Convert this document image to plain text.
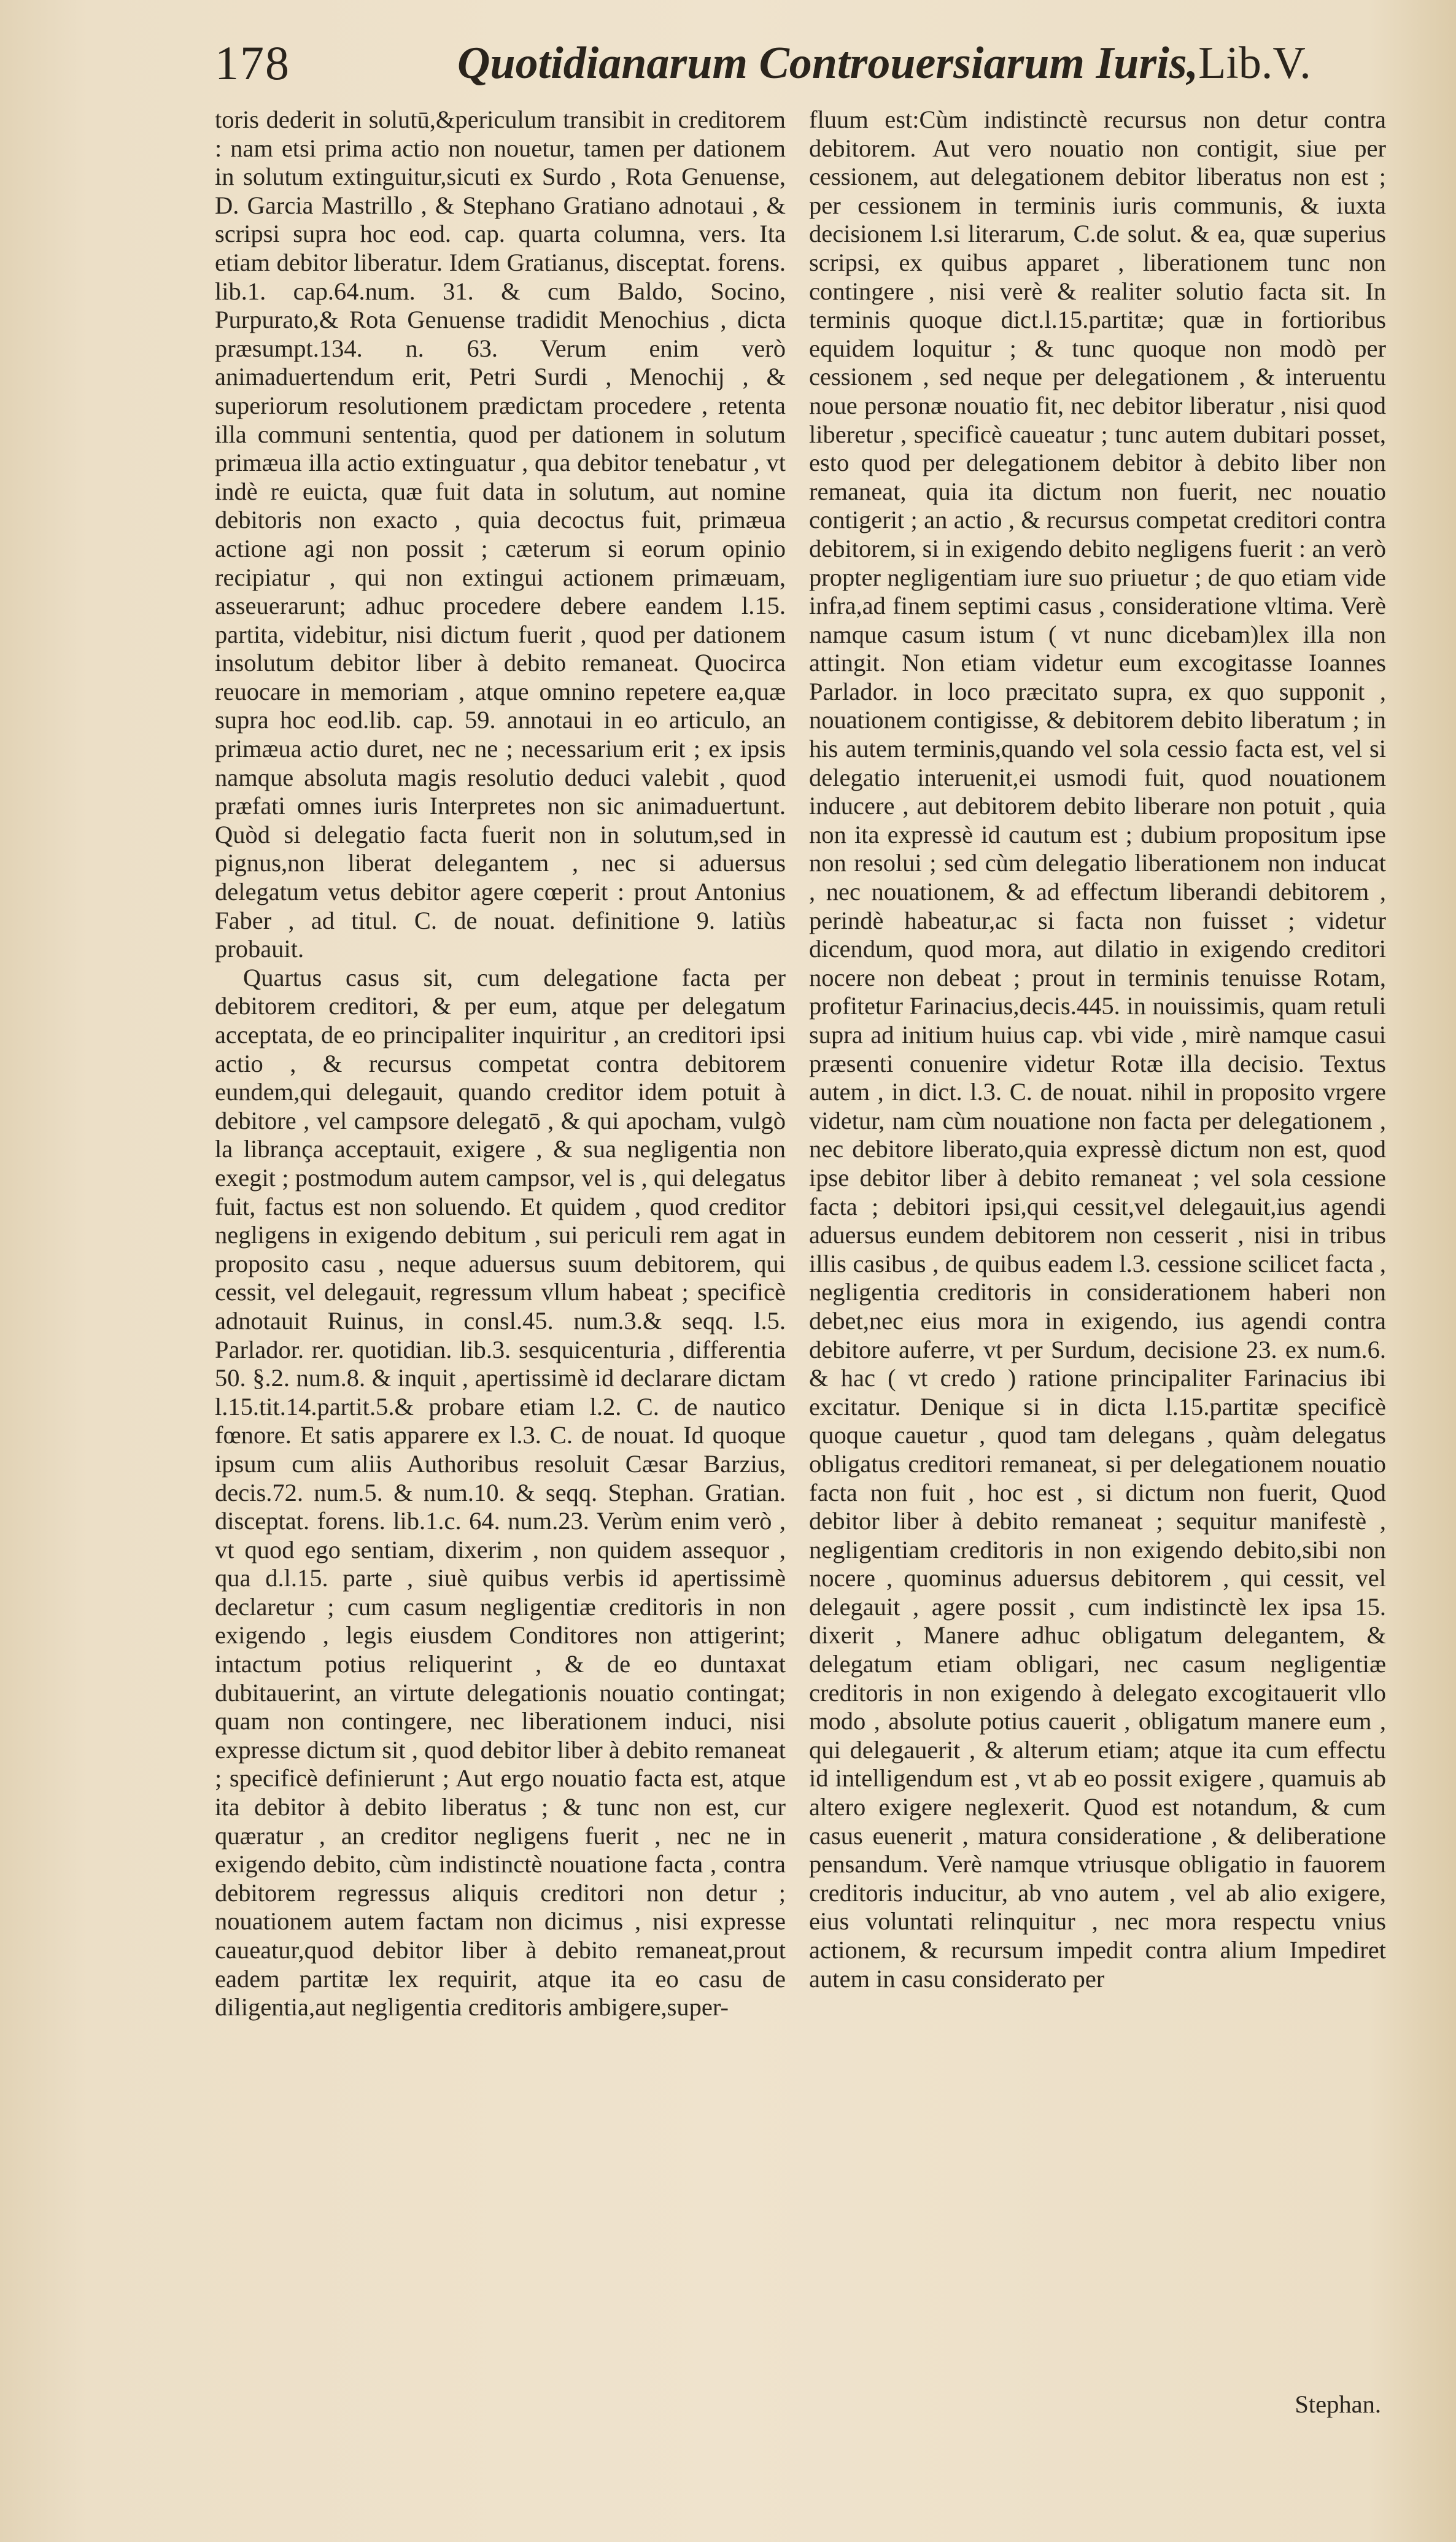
178	Quotidianarum Controuersiarum Iuris,Lib.V.

toris dederit in solutū,&periculum transibit in creditorem : nam etsi prima actio non nouetur, tamen per dationem in solutum extinguitur,sicuti ex Surdo , Rota Genuense, D. Garcia Mastrillo , & Stephano Gratiano adnotaui , & scripsi supra hoc eod. cap. quarta columna, vers. Ita etiam debitor liberatur. Idem Gratianus, disceptat. forens. lib.1. cap.64.num. 31. & cum Baldo, Socino, Purpurato,& Rota Genuense tradidit Menochius , dicta præsumpt.134. n. 63. Verum enim verò animaduertendum erit, Petri Surdi , Menochij , & superiorum resolutionem prædictam procedere , retenta illa communi sententia, quod per dationem in solutum primæua illa actio extinguatur , qua debitor tenebatur , vt indè re euicta, quæ fuit data in solutum, aut nomine debitoris non exacto , quia decoctus fuit, primæua actione agi non possit ; cæterum si eorum opinio recipiatur , qui non extingui actionem primæuam, asseuerarunt; adhuc procedere debere eandem l.15. partita, videbitur, nisi dictum fuerit , quod per dationem insolutum debitor liber à debito remaneat. Quocirca reuocare in memoriam , atque omnino repetere ea,quæ supra hoc eod.lib. cap. 59. annotaui in eo articulo, an primæua actio duret, nec ne ; necessarium erit ; ex ipsis namque absoluta magis resolutio deduci valebit , quod præfati omnes iuris Interpretes non sic animaduertunt. Quòd si delegatio facta fuerit non in solutum,sed in pignus,non liberat delegantem , nec si aduersus delegatum vetus debitor agere cœperit : prout Antonius Faber , ad titul. C. de nouat. definitione 9. latiùs probauit.

Quartus casus sit, cum delegatione facta per debitorem creditori, & per eum, atque per delegatum acceptata, de eo principaliter inquiritur , an creditori ipsi actio , & recursus competat contra debitorem eundem,qui delegauit, quando creditor idem potuit à debitore , vel campsore delegatō , & qui apocham, vulgò la librança acceptauit, exigere , & sua negligentia non exegit ; postmodum autem campsor, vel is , qui delegatus fuit, factus est non soluendo. Et quidem , quod creditor negligens in exigendo debitum , sui periculi rem agat in proposito casu , neque aduersus suum debitorem, qui cessit, vel delegauit, regressum vllum habeat ; specificè adnotauit Ruinus, in consl.45. num.3.& seqq. l.5. Parlador. rer. quotidian. lib.3. sesquicenturia , differentia 50. §.2. num.8. & inquit , apertissimè id declarare dictam l.15.tit.14.partit.5.& probare etiam l.2. C. de nautico fœnore. Et satis apparere ex l.3. C. de nouat. Id quoque ipsum cum aliis Authoribus resoluit Cæsar Barzius, decis.72. num.5. & num.10. & seqq. Stephan. Gratian. disceptat. forens. lib.1.c. 64. num.23. Verùm enim verò , vt quod ego sentiam, dixerim , non quidem assequor , qua d.l.15. parte , siuè quibus verbis id apertissimè declaretur ; cum casum negligentiæ creditoris in non exigendo , legis eiusdem Conditores non attigerint; intactum potius reliquerint , & de eo duntaxat dubitauerint, an virtute delegationis nouatio contingat; quam non contingere, nec liberationem induci, nisi expresse dictum sit , quod debitor liber à debito remaneat ; specificè definierunt ; Aut ergo nouatio facta est, atque ita debitor à debito liberatus ; & tunc non est, cur quæratur , an creditor negligens fuerit , nec ne in exigendo debito, cùm indistinctè nouatione facta , contra debitorem regressus aliquis creditori non detur ; nouationem autem factam non dicimus , nisi expresse caueatur,quod debitor liber à debito remaneat,prout eadem partitæ lex requirit, atque ita eo casu de diligentia,aut negligentia creditoris ambigere,super-

fluum est:Cùm indistinctè recursus non detur contra debitorem. Aut vero nouatio non contigit, siue per cessionem, aut delegationem debitor liberatus non est ; per cessionem in terminis iuris communis, & iuxta decisionem l.si literarum, C.de solut. & ea, quæ superius scripsi, ex quibus apparet , liberationem tunc non contingere , nisi verè & realiter solutio facta sit. In terminis quoque dict.l.15.partitæ; quæ in fortioribus equidem loquitur ; & tunc quoque non modò per cessionem , sed neque per delegationem , & interuentu noue personæ nouatio fit, nec debitor liberatur , nisi quod liberetur , specificè caueatur ; tunc autem dubitari posset, esto quod per delegationem debitor à debito liber non remaneat, quia ita dictum non fuerit, nec nouatio contigerit ; an actio , & recursus competat creditori contra debitorem, si in exigendo debito negligens fuerit : an verò propter negligentiam iure suo priuetur ; de quo etiam vide infra,ad finem septimi casus , consideratione vltima. Verè namque casum istum ( vt nunc dicebam)lex illa non attingit. Non etiam videtur eum excogitasse Ioannes Parlador. in loco præcitato supra, ex quo supponit , nouationem contigisse, & debitorem debito liberatum ; in his autem terminis,quando vel sola cessio facta est, vel si delegatio interuenit,ei usmodi fuit, quod nouationem inducere , aut debitorem debito liberare non potuit , quia non ita expressè id cautum est ; dubium propositum ipse non resolui ; sed cùm delegatio liberationem non inducat , nec nouationem, & ad effectum liberandi debitorem , perindè habeatur,ac si facta non fuisset ; videtur dicendum, quod mora, aut dilatio in exigendo creditori nocere non debeat ; prout in terminis tenuisse Rotam, profitetur Farinacius,decis.445. in nouissimis, quam retuli supra ad initium huius cap. vbi vide , mirè namque casui præsenti conuenire videtur Rotæ illa decisio. Textus autem , in dict. l.3. C. de nouat. nihil in proposito vrgere videtur, nam cùm nouatione non facta per delegationem , nec debitore liberato,quia expressè dictum non est, quod ipse debitor liber à debito remaneat ; vel sola cessione facta ; debitori ipsi,qui cessit,vel delegauit,ius agendi aduersus eundem debitorem non cesserit , nisi in tribus illis casibus , de quibus eadem l.3. cessione scilicet facta , negligentia creditoris in considerationem haberi non debet,nec eius mora in exigendo, ius agendi contra debitore auferre, vt per Surdum, decisione 23. ex num.6. & hac ( vt credo ) ratione principaliter Farinacius ibi excitatur. Denique si in dicta l.15.partitæ specificè quoque cauetur , quod tam delegans , quàm delegatus obligatus creditori remaneat, si per delegationem nouatio facta non fuit , hoc est , si dictum non fuerit, Quod debitor liber à debito remaneat ; sequitur manifestè , negligentiam creditoris in non exigendo debito,sibi non nocere , quominus aduersus debitorem , qui cessit, vel delegauit , agere possit , cum indistinctè lex ipsa 15. dixerit , Manere adhuc obligatum delegantem, & delegatum etiam obligari, nec casum negligentiæ creditoris in non exigendo à delegato excogitauerit vllo modo , absolute potius cauerit , obligatum manere eum , qui delegauerit , & alterum etiam; atque ita cum effectu id intelligendum est , vt ab eo possit exigere , quamuis ab altero exigere neglexerit. Quod est notandum, & cum casus euenerit , matura consideratione , & deliberatione pensandum. Verè namque vtriusque obligatio in fauorem creditoris inducitur, ab vno autem , vel ab alio exigere, eius voluntati relinquitur , nec mora respectu vnius actionem, & recursum impedit contra alium Impediret autem in casu considerato per

Stephan.
